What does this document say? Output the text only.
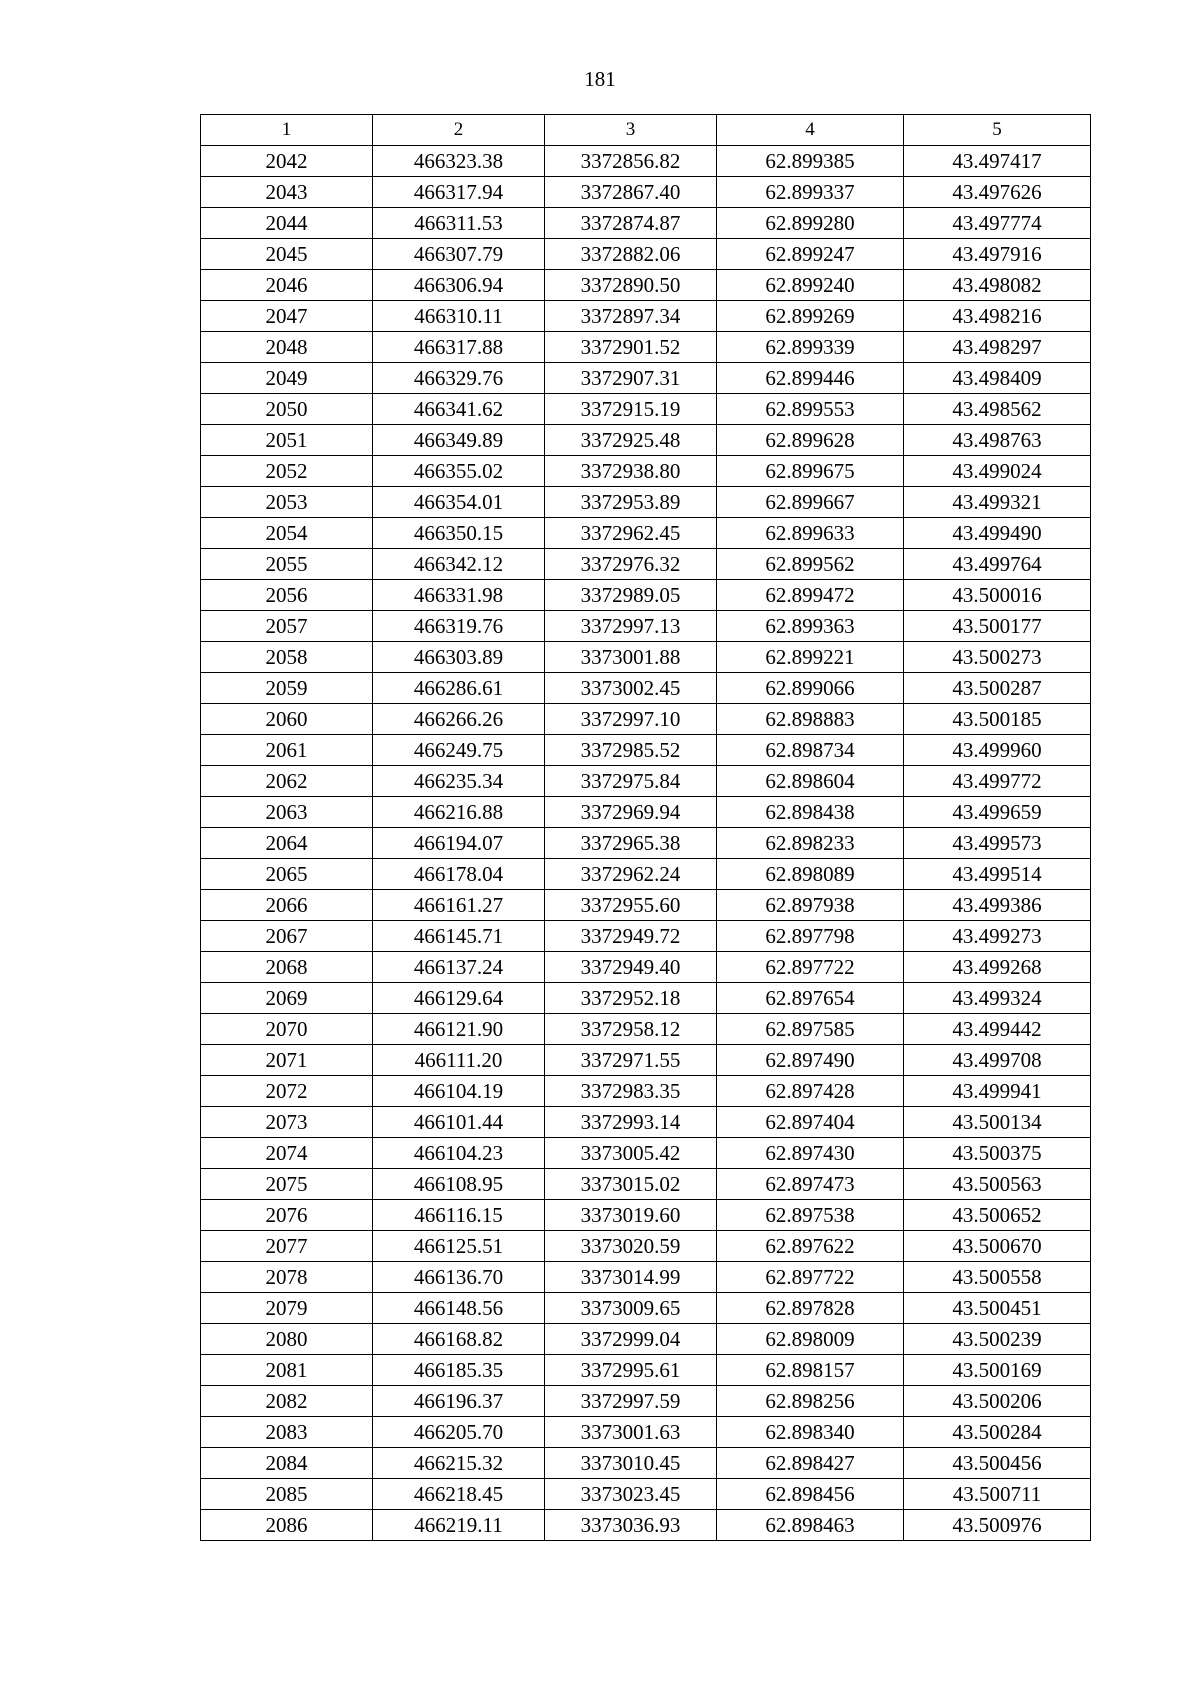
181
1	2	3	4	5
2042	466323.38	3372856.82	62.899385	43.497417
2043	466317.94	3372867.40	62.899337	43.497626
2044	466311.53	3372874.87	62.899280	43.497774
2045	466307.79	3372882.06	62.899247	43.497916
2046	466306.94	3372890.50	62.899240	43.498082
2047	466310.11	3372897.34	62.899269	43.498216
2048	466317.88	3372901.52	62.899339	43.498297
2049	466329.76	3372907.31	62.899446	43.498409
2050	466341.62	3372915.19	62.899553	43.498562
2051	466349.89	3372925.48	62.899628	43.498763
2052	466355.02	3372938.80	62.899675	43.499024
2053	466354.01	3372953.89	62.899667	43.499321
2054	466350.15	3372962.45	62.899633	43.499490
2055	466342.12	3372976.32	62.899562	43.499764
2056	466331.98	3372989.05	62.899472	43.500016
2057	466319.76	3372997.13	62.899363	43.500177
2058	466303.89	3373001.88	62.899221	43.500273
2059	466286.61	3373002.45	62.899066	43.500287
2060	466266.26	3372997.10	62.898883	43.500185
2061	466249.75	3372985.52	62.898734	43.499960
2062	466235.34	3372975.84	62.898604	43.499772
2063	466216.88	3372969.94	62.898438	43.499659
2064	466194.07	3372965.38	62.898233	43.499573
2065	466178.04	3372962.24	62.898089	43.499514
2066	466161.27	3372955.60	62.897938	43.499386
2067	466145.71	3372949.72	62.897798	43.499273
2068	466137.24	3372949.40	62.897722	43.499268
2069	466129.64	3372952.18	62.897654	43.499324
2070	466121.90	3372958.12	62.897585	43.499442
2071	466111.20	3372971.55	62.897490	43.499708
2072	466104.19	3372983.35	62.897428	43.499941
2073	466101.44	3372993.14	62.897404	43.500134
2074	466104.23	3373005.42	62.897430	43.500375
2075	466108.95	3373015.02	62.897473	43.500563
2076	466116.15	3373019.60	62.897538	43.500652
2077	466125.51	3373020.59	62.897622	43.500670
2078	466136.70	3373014.99	62.897722	43.500558
2079	466148.56	3373009.65	62.897828	43.500451
2080	466168.82	3372999.04	62.898009	43.500239
2081	466185.35	3372995.61	62.898157	43.500169
2082	466196.37	3372997.59	62.898256	43.500206
2083	466205.70	3373001.63	62.898340	43.500284
2084	466215.32	3373010.45	62.898427	43.500456
2085	466218.45	3373023.45	62.898456	43.500711
2086	466219.11	3373036.93	62.898463	43.500976
